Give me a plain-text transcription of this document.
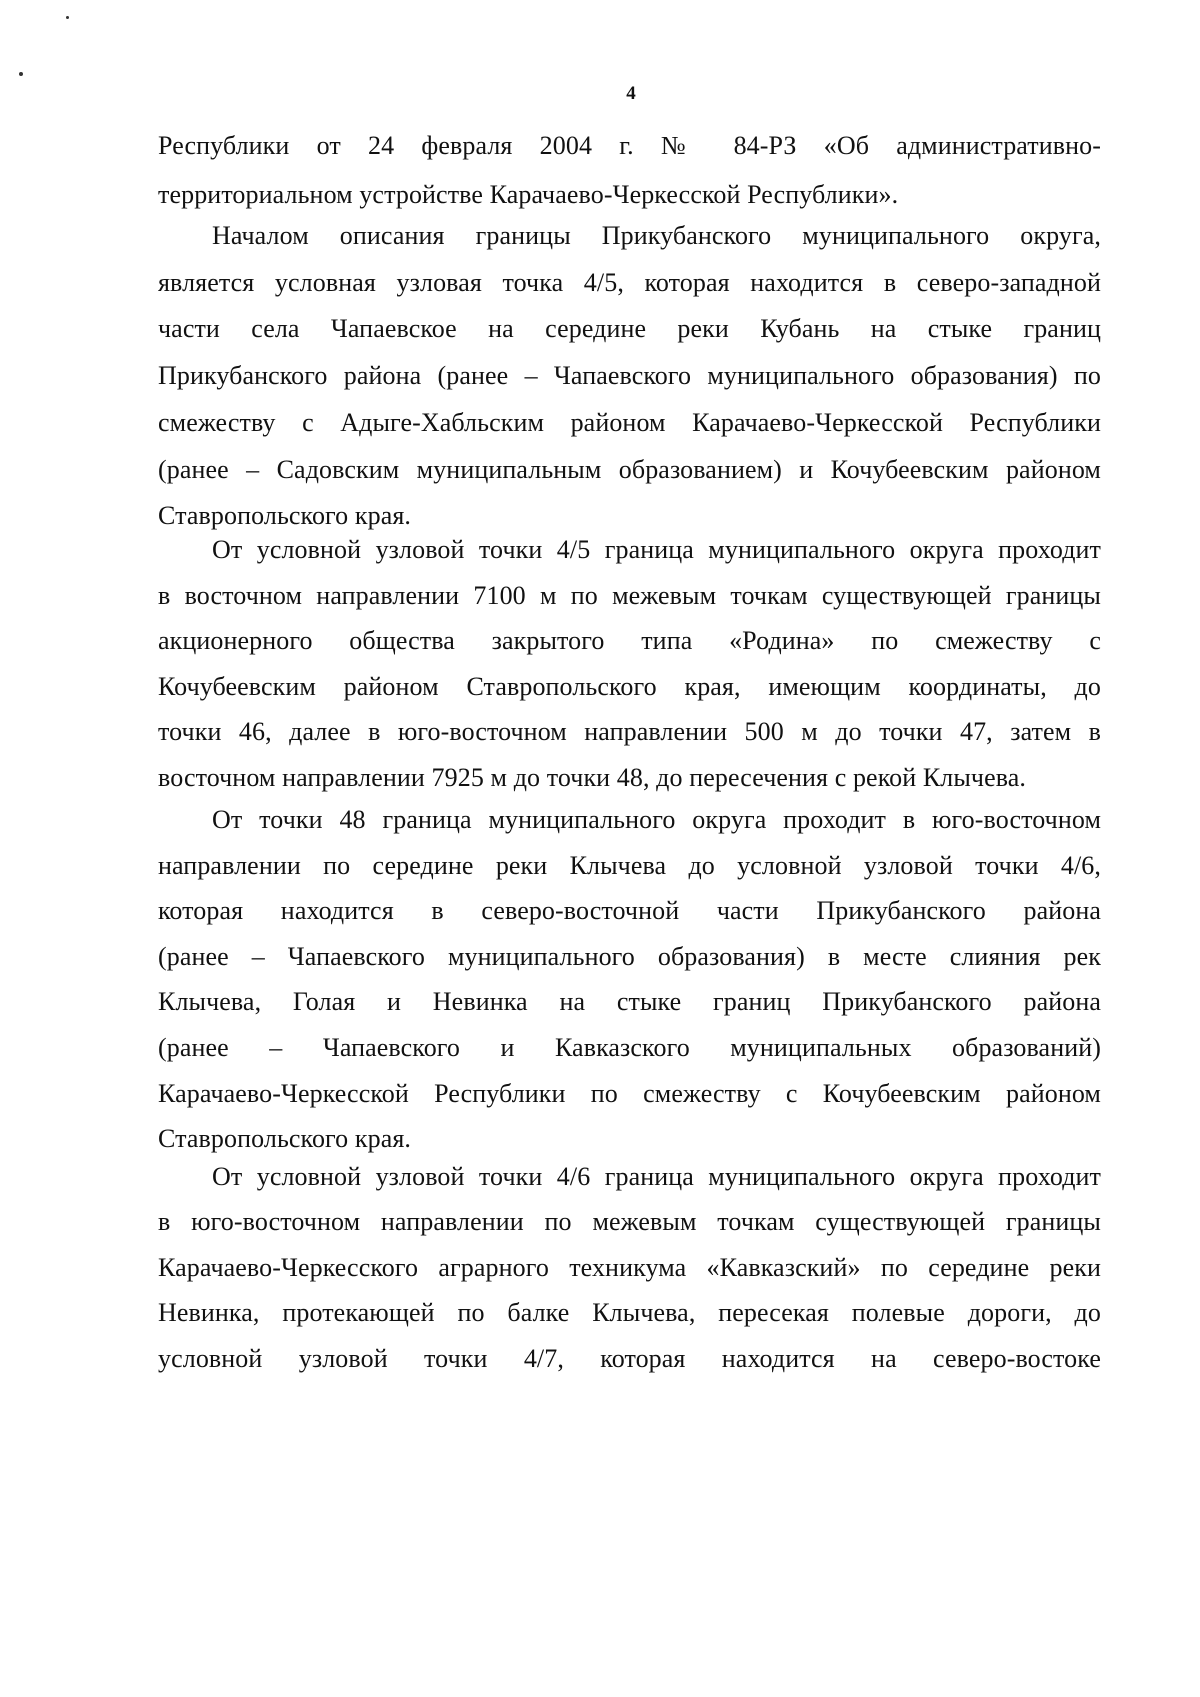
4
Республики от 24 февраля 2004 г. № 84-РЗ «Об административно-
территориальном устройстве Карачаево-Черкесской Республики».
Началом описания границы Прикубанского муниципального округа,
является условная узловая точка 4/5, которая находится в северо-западной
части села Чапаевское на середине реки Кубань на стыке границ
Прикубанского района (ранее – Чапаевского муниципального образования) по
смежеству с Адыге-Хабльским районом Карачаево-Черкесской Республики
(ранее – Садовским муниципальным образованием) и Кочубеевским районом
Ставропольского края.
От условной узловой точки 4/5 граница муниципального округа проходит
в восточном направлении 7100 м по межевым точкам существующей границы
акционерного общества закрытого типа «Родина» по смежеству с
Кочубеевским районом Ставропольского края, имеющим координаты, до
точки 46, далее в юго-восточном направлении 500 м до точки 47, затем в
восточном направлении 7925 м до точки 48, до пересечения с рекой Клычева.
От точки 48 граница муниципального округа проходит в юго-восточном
направлении по середине реки Клычева до условной узловой точки 4/6,
которая находится в северо-восточной части Прикубанского района
(ранее – Чапаевского муниципального образования) в месте слияния рек
Клычева, Голая и Невинка на стыке границ Прикубанского района
(ранее – Чапаевского и Кавказского муниципальных образований)
Карачаево-Черкесской Республики по смежеству с Кочубеевским районом
Ставропольского края.
От условной узловой точки 4/6 граница муниципального округа проходит
в юго-восточном направлении по межевым точкам существующей границы
Карачаево-Черкесского аграрного техникума «Кавказский» по середине реки
Невинка, протекающей по балке Клычева, пересекая полевые дороги, до
условной узловой точки 4/7, которая находится на северо-востоке
